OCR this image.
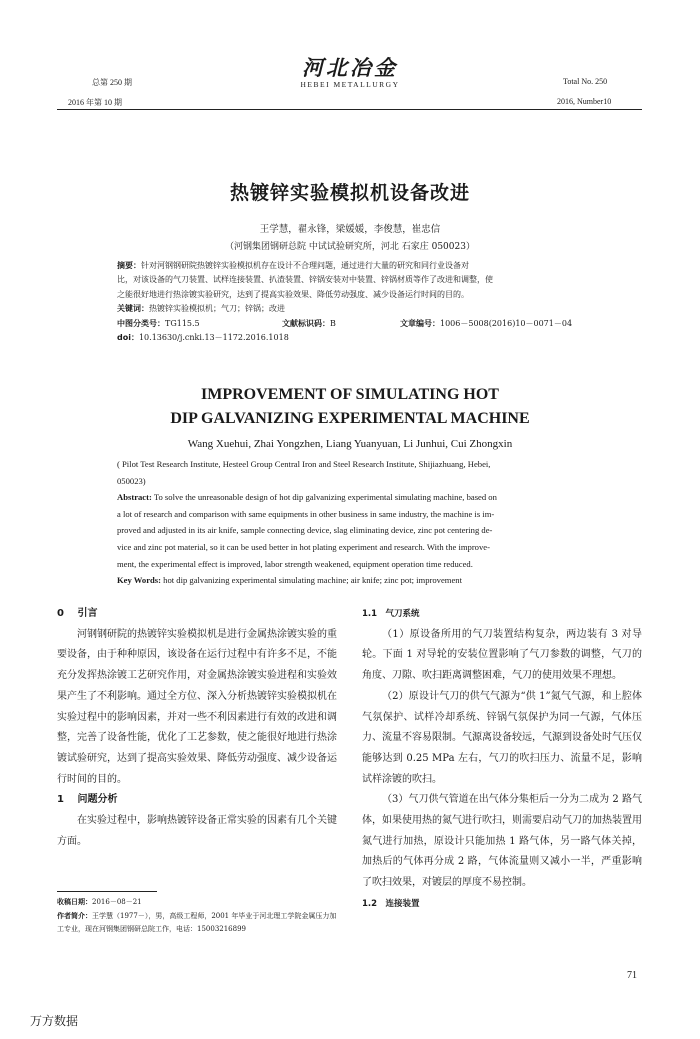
总第 250 期
2016 年第 10 期
河北冶金
HEBEI METALLURGY	Total No. 250
2016, Number10
热镀锌实验模拟机设备改进
王学慧，翟永锋，梁媛媛，李俊慧，崔忠信
（河钢集团钢研总院 中试试验研究所，河北 石家庄 050023）
摘要：针对河钢钢研院热镀锌实验模拟机存在设计不合理问题，通过进行大量的研究和同行业设备对
比，对该设备的气刀装置、试样连接装置、扒渣装置、锌锅安装对中装置、锌锅材质等作了改进和调整，使
之能很好地进行热涂镀实验研究，达到了提高实验效果、降低劳动强度、减少设备运行时间的目的。
关键词：热镀锌实验模拟机；气刀；锌锅；改进
中图分类号：TG115.5	文献标识码：B	文章编号：1006－5008(2016)10－0071－04
doi：10.13630/j.cnki.13－1172.2016.1018
IMPROVEMENT OF SIMULATING HOT
DIP GALVANIZING EXPERIMENTAL MACHINE
Wang Xuehui, Zhai Yongzhen, Liang Yuanyuan, Li Junhui, Cui Zhongxin
( Pilot Test Research Institute, Hesteel Group Central Iron and Steel Research Institute, Shijiazhuang, Hebei,
050023)
Abstract: To solve the unreasonable design of hot dip galvanizing experimental simulating machine, based on
a lot of research and comparison with same equipments in other business in same industry, the machine is im-
proved and adjusted in its air knife, sample connecting device, slag eliminating device, zinc pot centering de-
vice and zinc pot material, so it can be used better in hot plating experiment and research. With the improve-
ment, the experimental effect is improved, labor strength weakened, equipment operation time reduced.
Key Words: hot dip galvanizing experimental simulating machine; air knife; zinc pot; improvement
0　 引言

河钢钢研院的热镀锌实验模拟机是进行金属热涂镀实验的重要设备，由于种种原因，该设备在运行过程中有许多不足，不能充分发挥热涂镀工艺研究作用，对金属热涂镀实验进程和实验效果产生了不利影响。通过全方位、深入分析热镀锌实验模拟机在实验过程中的影响因素，并对一些不利因素进行有效的改进和调整，完善了设备性能，优化了工艺参数，使之能很好地进行热涂镀试验研究，达到了提高实验效果、降低劳动强度、减少设备运行时间的目的。

1　 问题分析

在实验过程中，影响热镀锌设备正常实验的因素有几个关键方面。

收稿日期：2016－08－21
作者简介：王学慧（1977－），男，高级工程师，2001 年毕业于河北理工学院金属压力加工专业，现在河钢集团钢研总院工作，电话：15003216899
1.1　气刀系统

（1）原设备所用的气刀装置结构复杂，两边装有 3 对导轮。下面 1 对导轮的安装位置影响了气刀参数的调整，气刀的角度、刀隙、吹扫距离调整困难，气刀的使用效果不理想。

（2）原设计气刀的供气气源为“供 1”氮气气源，和上腔体气氛保护、试样冷却系统、锌锅气氛保护为同一气源，气体压力、流量不容易限制。气源离设备较远，气源到设备处时气压仅能够达到 0.25 MPa 左右，气刀的吹扫压力、流量不足，影响试样涂镀的吹扫。

（3）气刀供气管道在出气体分集柜后一分为二成为 2 路气体，如果使用热的氮气进行吹扫，则需要启动气刀的加热装置用氮气进行加热，原设计只能加热 1 路气体，另一路气体关掉，加热后的气体再分成 2 路，气体流量则又减小一半，严重影响了吹扫效果，对镀层的厚度不易控制。

1.2　连接装置
71
万方数据
